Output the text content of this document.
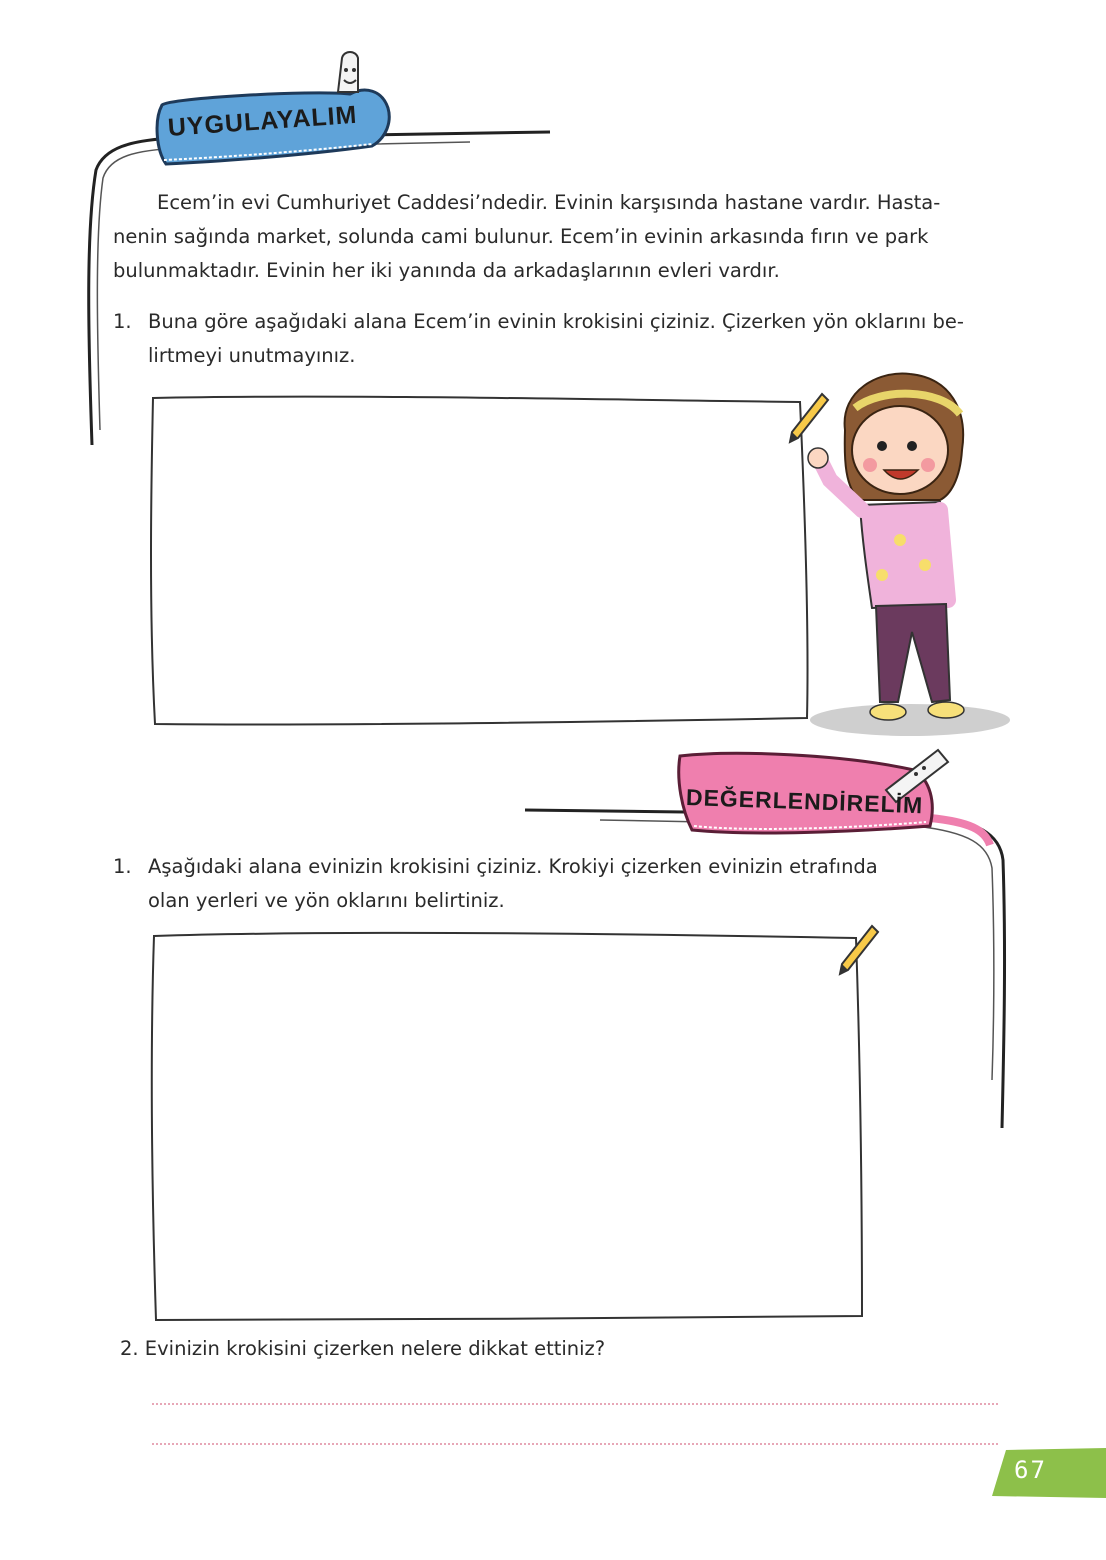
UYGULAYALIM
Ecem’in evi Cumhuriyet Caddesi’ndedir. Evinin karşısında hastane vardır. Hasta-
nenin sağında market, solunda cami bulunur. Ecem’in evinin arkasında fırın ve park
bulunmaktadır. Evinin her iki yanında da arkadaşlarının evleri vardır.
1. Buna göre aşağıdaki alana Ecem’in evinin krokisini çiziniz. Çizerken yön oklarını be-
lirtmeyi unutmayınız.
DEĞERLENDİRELİM
1. Aşağıdaki alana evinizin krokisini çiziniz. Krokiyi çizerken evinizin etrafında
olan yerleri ve yön oklarını belirtiniz.
2. Evinizin krokisini çizerken nelere dikkat ettiniz?
67
